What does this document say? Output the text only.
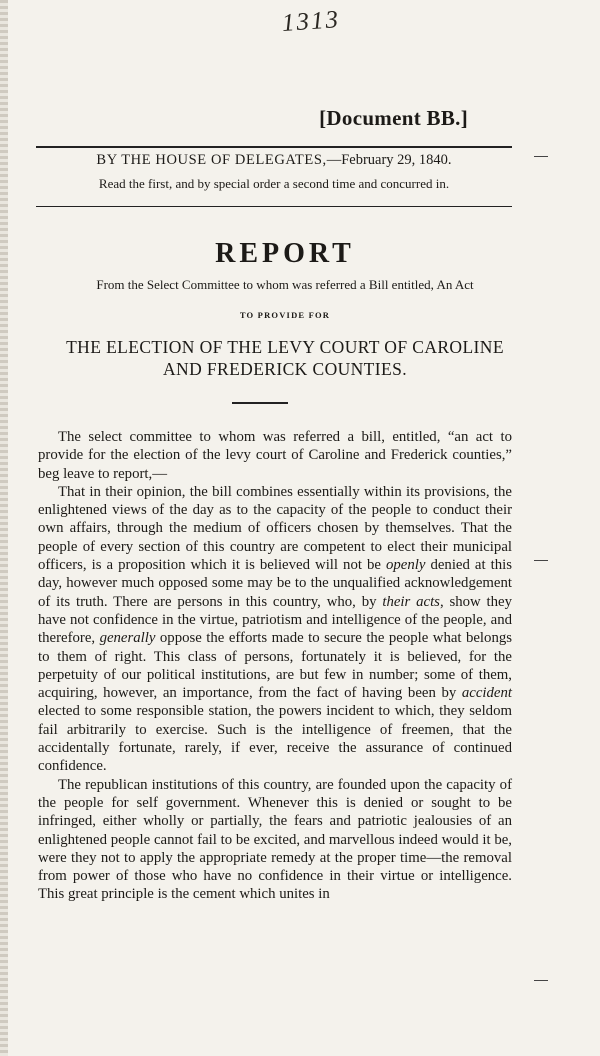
1313
[Document BB.]
BY THE HOUSE OF DELEGATES,—February 29, 1840.
Read the first, and by special order a second time and concurred in.
REPORT
From the Select Committee to whom was referred a Bill entitled, An Act
TO PROVIDE FOR
THE ELECTION OF THE LEVY COURT OF CAROLINE
AND FREDERICK COUNTIES.

The select committee to whom was referred a bill, entitled, “an act to provide for the election of the levy court of Caroline and Frederick counties,” beg leave to report,—

That in their opinion, the bill combines essentially within its provisions, the enlightened views of the day as to the capacity of the people to conduct their own affairs, through the medium of officers chosen by themselves. That the people of every section of this country are competent to elect their municipal officers, is a proposition which it is believed will not be openly denied at this day, however much opposed some may be to the unqualified acknowledgement of its truth. There are persons in this country, who, by their acts, show they have not confidence in the virtue, patriotism and intelligence of the people, and therefore, generally oppose the efforts made to secure the people what belongs to them of right. This class of persons, fortunately it is believed, for the perpetuity of our political institutions, are but few in number; some of them, acquiring, however, an importance, from the fact of having been by accident elected to some responsible station, the powers incident to which, they seldom fail arbitrarily to exercise. Such is the intelligence of freemen, that the accidentally fortunate, rarely, if ever, receive the assurance of continued confidence.

The republican institutions of this country, are founded upon the capacity of the people for self government. Whenever this is denied or sought to be infringed, either wholly or partially, the fears and patriotic jealousies of an enlightened people cannot fail to be excited, and marvellous indeed would it be, were they not to apply the appropriate remedy at the proper time—the removal from power of those who have no confidence in their virtue or intelligence. This great principle is the cement which unites in
